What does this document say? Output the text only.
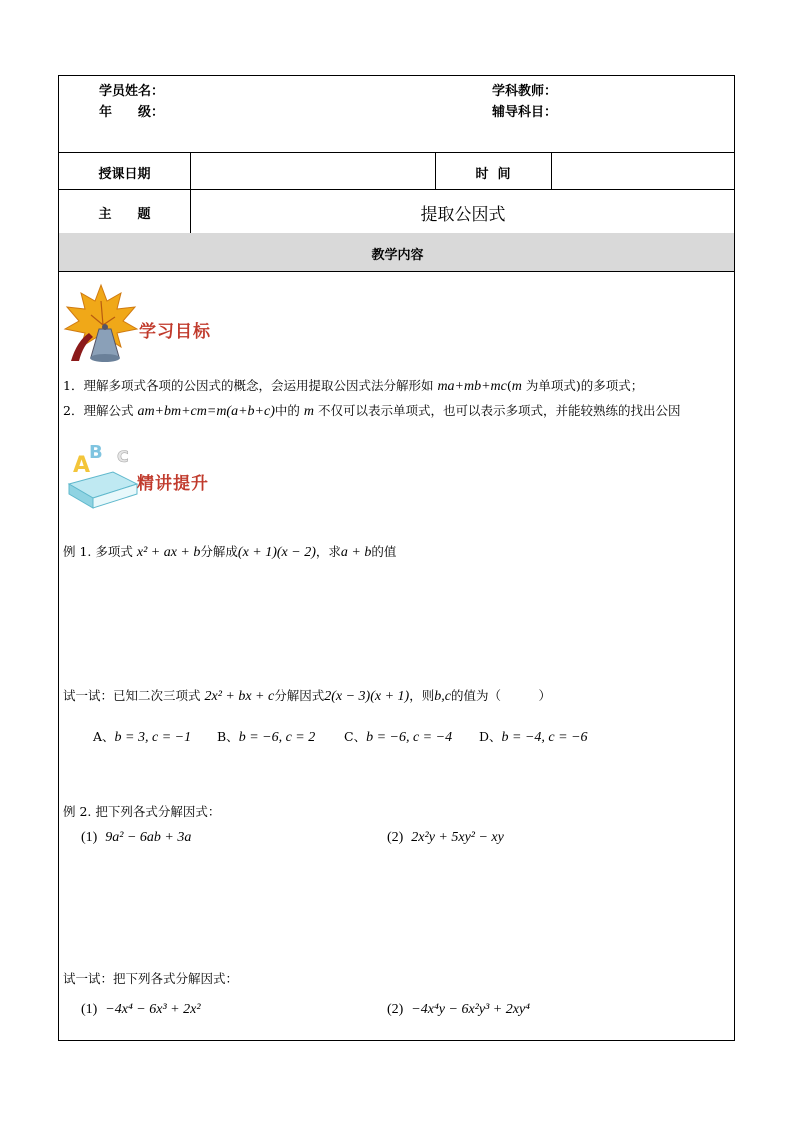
学员姓名：	学科教师：
年　　级：	辅导科目：
授课日期	时  间
主　　题	提取公因式
教学内容
学习目标
1．理解多项式各项的公因式的概念，会运用提取公因式法分解形如 ma+mb+mc(m 为单项式)的多项式；
2．理解公式 am+bm+cm=m(a+b+c)中的 m 不仅可以表示单项式，也可以表示多项式，并能较熟练的找出公因
A
B C
精讲提升
例 1. 多项式 x² + ax + b分解成(x + 1)(x − 2)，求a + b的值
试一试：已知二次三项式 2x² + bx + c分解因式2(x − 3)(x + 1)，则b,c的值为（　　　）
A、b = 3, c = −1 B、b = −6, c = 2 C、b = −6, c = −4 D、b = −4, c = −6
例 2. 把下列各式分解因式：
(1) 9a² − 6ab + 3a	(2) 2x²y + 5xy² − xy
试一试：把下列各式分解因式：
(1) −4x⁴ − 6x³ + 2x²	(2) −4x⁴y − 6x²y³ + 2xy⁴
